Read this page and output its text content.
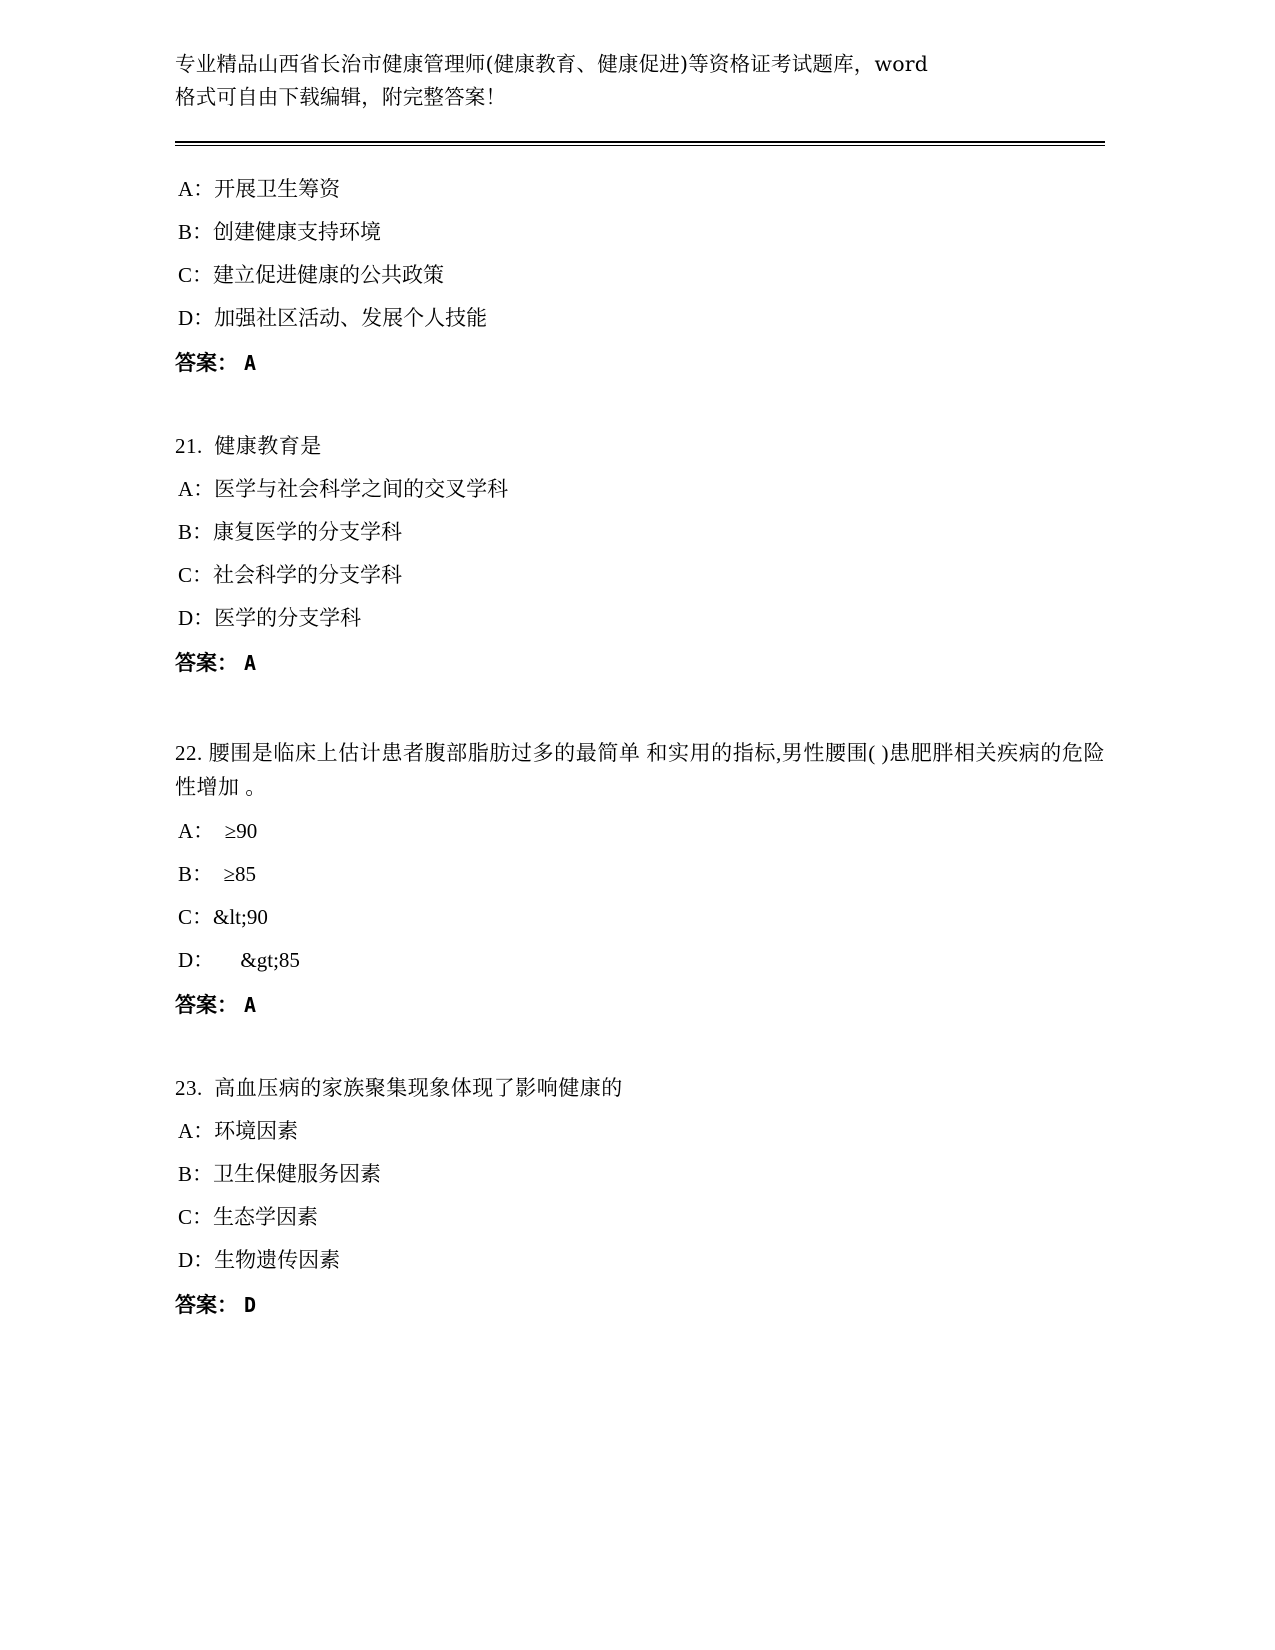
专业精品山西省长治市健康管理师(健康教育、健康促进)等资格证考试题库，word
格式可自由下载编辑，附完整答案！
A：开展卫生筹资
B：创建健康支持环境
C：建立促进健康的公共政策
D：加强社区活动、发展个人技能
答案： A
21.  健康教育是
A：医学与社会科学之间的交叉学科
B：康复医学的分支学科
C：社会科学的分支学科
D：医学的分支学科
答案： A
22. 腰围是临床上估计患者腹部脂肪过多的最简单 和实用的指标,男性腰围( )患肥胖相关疾病的危险性增加 。
A：  ≥90
B：  ≥85
C：&lt;90
D：     &gt;85
答案： A
23.  高血压病的家族聚集现象体现了影响健康的
A：环境因素
B：卫生保健服务因素
C：生态学因素
D：生物遗传因素
答案： D
